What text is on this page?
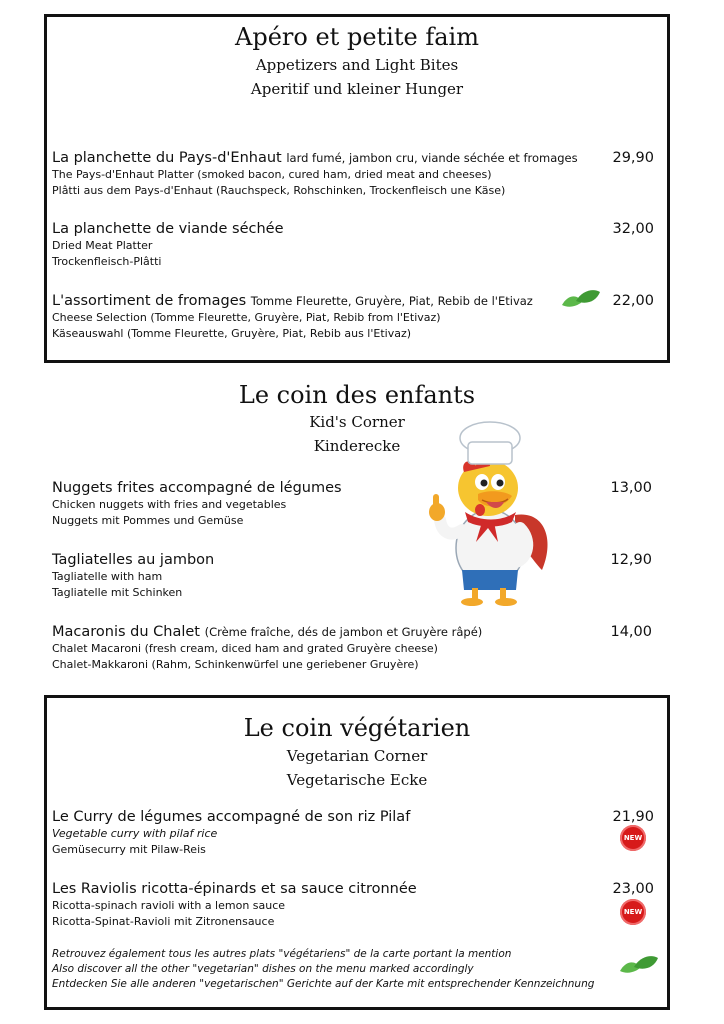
Apéro et petite faim
Appetizers and Light Bites
Aperitif und kleiner Hunger
La planchette du Pays-d'Enhaut lard fumé, jambon cru, viande séchée et fromages
The Pays-d'Enhaut Platter (smoked bacon, cured ham, dried meat and cheeses)
Plâtti aus dem Pays-d'Enhaut (Rauchspeck, Rohschinken, Trockenfleisch une Käse)
29,90
La planchette de viande séchée
Dried Meat Platter
Trockenfleisch-Plâtti
32,00
L'assortiment de fromages Tomme Fleurette, Gruyère, Piat, Rebib de l'Etivaz
Cheese Selection (Tomme Fleurette, Gruyère, Piat, Rebib from l'Etivaz)
Käseauswahl (Tomme Fleurette, Gruyère, Piat, Rebib aus l'Etivaz)
22,00
Le coin des enfants
Kid's Corner
Kinderecke
Nuggets frites accompagné de légumes
Chicken nuggets with fries and vegetables
Nuggets mit Pommes und Gemüse
13,00
Tagliatelles au jambon
Tagliatelle with ham
Tagliatelle mit Schinken
12,90
Macaronis du Chalet (Crème fraîche, dés de jambon et Gruyère râpé)
Chalet Macaroni (fresh cream, diced ham and grated Gruyère cheese)
Chalet-Makkaroni (Rahm, Schinkenwürfel une geriebener Gruyère)
14,00
Le coin végétarien
Vegetarian Corner
Vegetarische Ecke
Le Curry de légumes accompagné de son riz Pilaf
Vegetable curry with pilaf rice
Gemüsecurry mit Pilaw-Reis
21,90
NEW
Les Raviolis ricotta-épinards et sa sauce citronnée
Ricotta-spinach ravioli with a lemon sauce
Ricotta-Spinat-Ravioli mit Zitronensauce
23,00
NEW
Retrouvez également tous les autres plats "végétariens" de la carte portant la mention
Also discover all the other "vegetarian" dishes on the menu marked accordingly
Entdecken Sie alle anderen "vegetarischen" Gerichte auf der Karte mit entsprechender Kennzeichnung
